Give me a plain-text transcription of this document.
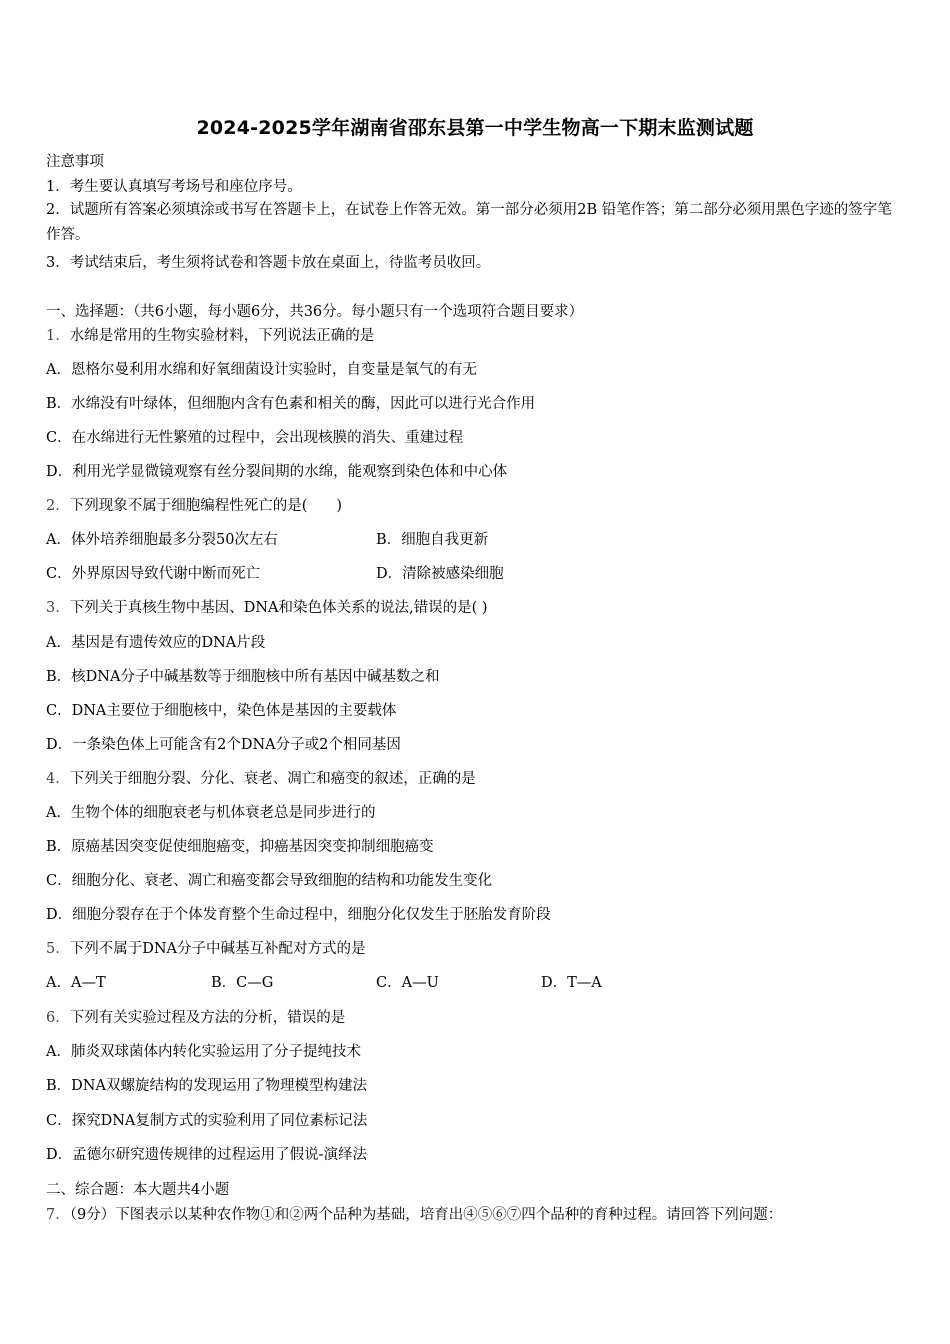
2024-2025学年湖南省邵东县第一中学生物高一下期末监测试题
注意事项
1．考生要认真填写考场号和座位序号。
2．试题所有答案必须填涂或书写在答题卡上，在试卷上作答无效。第一部分必须用2B 铅笔作答；第二部分必须用黑色字迹的签字笔作答。
3．考试结束后，考生须将试卷和答题卡放在桌面上，待监考员收回。
一、选择题：（共6小题，每小题6分，共36分。每小题只有一个选项符合题目要求）
1．水绵是常用的生物实验材料，下列说法正确的是
A．恩格尔曼利用水绵和好氧细菌设计实验时，自变量是氧气的有无
B．水绵没有叶绿体，但细胞内含有色素和相关的酶，因此可以进行光合作用
C．在水绵进行无性繁殖的过程中，会出现核膜的消失、重建过程
D．利用光学显微镜观察有丝分裂间期的水绵，能观察到染色体和中心体
2．下列现象不属于细胞编程性死亡的是(　　)
A．体外培养细胞最多分裂50次左右	B．细胞自我更新
C．外界原因导致代谢中断而死亡	D．清除被感染细胞
3．下列关于真核生物中基因、DNA和染色体关系的说法,错误的是( )
A．基因是有遗传效应的DNA片段
B．核DNA分子中碱基数等于细胞核中所有基因中碱基数之和
C．DNA主要位于细胞核中，染色体是基因的主要载体
D．一条染色体上可能含有2个DNA分子或2个相同基因
4．下列关于细胞分裂、分化、衰老、凋亡和癌变的叙述，正确的是
A．生物个体的细胞衰老与机体衰老总是同步进行的
B．原癌基因突变促使细胞癌变，抑癌基因突变抑制细胞癌变
C．细胞分化、衰老、凋亡和癌变都会导致细胞的结构和功能发生变化
D．细胞分裂存在于个体发育整个生命过程中，细胞分化仅发生于胚胎发育阶段
5．下列不属于DNA分子中碱基互补配对方式的是
A．A—T	B．C—G	C．A—U	D．T—A
6．下列有关实验过程及方法的分析，错误的是
A．肺炎双球菌体内转化实验运用了分子提纯技术
B．DNA双螺旋结构的发现运用了物理模型构建法
C．探究DNA复制方式的实验利用了同位素标记法
D．孟德尔研究遗传规律的过程运用了假说-演绎法
二、综合题：本大题共4小题
7．（9分）下图表示以某种农作物①和②两个品种为基础，培育出④⑤⑥⑦四个品种的育种过程。请回答下列问题：
